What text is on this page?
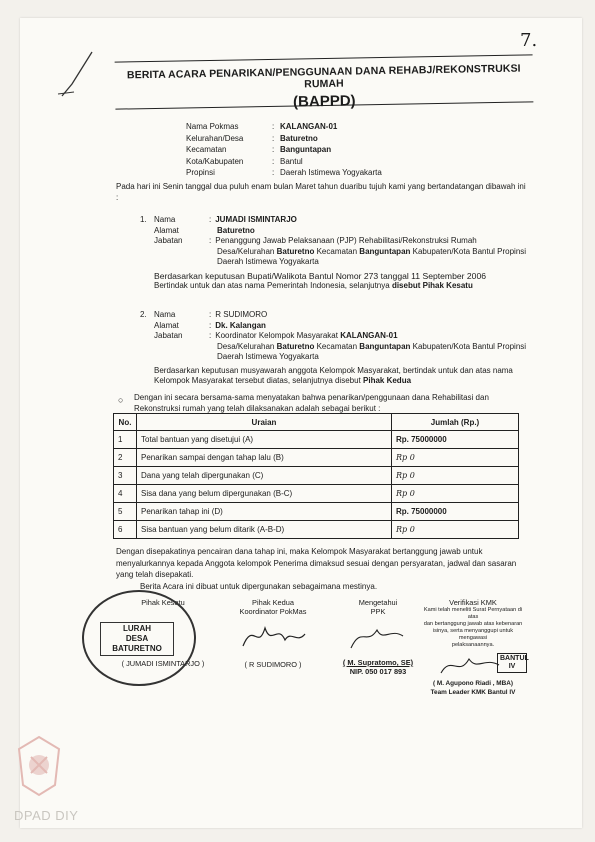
7.
BERITA ACARA PENARIKAN/PENGGUNAAN DANA REHABJ/REKONSTRUKSI RUMAH
(BAPPD)
Nama Pokmas	: KALANGAN-01
Kelurahan/Desa	: Baturetno
Kecamatan	: Banguntapan
Kota/Kabupaten	: Bantul
Propinsi	: Daerah Istimewa Yogyakarta
Pada hari ini Senin tanggal dua puluh enam bulan Maret tahun duaribu tujuh kami yang bertandatangan dibawah ini :
1. Nama	: JUMADI ISMINTARJO
Alamat	Baturetno
Jabatan	: Penanggung Jawab Pelaksanaan (PJP) Rehabilitasi/Rekonstruksi Rumah
Desa/Kelurahan Baturetno Kecamatan Banguntapan Kabupaten/Kota Bantul Propinsi
Daerah Istimewa Yogyakarta
Berdasarkan keputusan Bupati/Walikota Bantul Nomor 273 tanggal 11 September 2006
Bertindak untuk dan atas nama Pemerintah Indonesia, selanjutnya disebut Pihak Kesatu
2. Nama	: R SUDIMORO
Alamat	: Dk. Kalangan
Jabatan	: Koordinator Kelompok Masyarakat KALANGAN-01
Desa/Kelurahan Baturetno Kecamatan Banguntapan Kabupaten/Kota Bantul Propinsi
Daerah Istimewa Yogyakarta
Berdasarkan keputusan musyawarah anggota Kelompok Masyarakat, bertindak untuk dan atas nama
Kelompok Masyarakat tersebut diatas, selanjutnya disebut Pihak Kedua
○ Dengan ini secara bersama-sama menyatakan bahwa penarikan/penggunaan dana Rehabilitasi dan Rekonstruksi rumah yang telah dilaksanakan adalah sebagai berikut :
No.	Uraian	Jumlah (Rp.)
1	Total bantuan yang disetujui (A)	Rp. 75000000
2	Penarikan sampai dengan tahap lalu (B)	Rp 0
3	Dana yang telah dipergunakan (C)	Rp 0
4	Sisa dana yang belum dipergunakan (B-C)	Rp 0
5	Penarikan tahap ini (D)	Rp. 75000000
6	Sisa bantuan yang belum ditarik (A-B-D)	Rp 0
Dengan disepakatinya pencairan dana tahap ini, maka Kelompok Masyarakat bertanggung jawab untuk menyalurkannya kepada Anggota kelompok Penerima dimaksud sesuai dengan persyaratan, jadwal dan sasaran yang telah disepakati.
Berita Acara ini dibuat untuk dipergunakan sebagaimana mestinya.
Pihak Kesatu
( JUMADI ISMINTARJO )
Pihak Kedua
Koordinator PokMas
( R SUDIMORO )
Mengetahui
PPK
( M. Supratomo, SE)
NIP. 050 017 893
Verifikasi KMK
Kami telah meneliti Surat Pernyataan di atas
dan bertanggung jawab atas kebenaran
isinya, serta menyanggupi untuk mengawasi
pelaksanaannya.
BANTUL IV
( M. Agupono Riadi , MBA)
Team Leader KMK Bantul IV
LURAH
DESA BATURETNO
DPAD DIY
